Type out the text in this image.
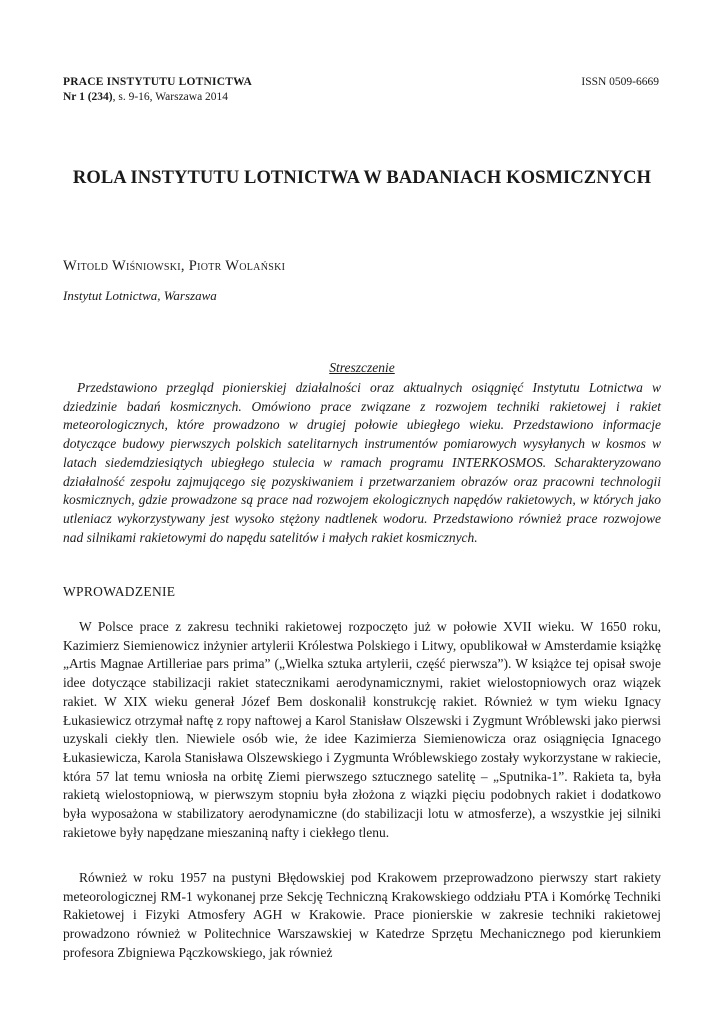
PRACE INSTYTUTU LOTNICTWA
Nr 1 (234), s. 9-16, Warszawa 2014
ISSN 0509-6669
ROLA INSTYTUTU LOTNICTWA W BADANIACH KOSMICZNYCH
Witold Wiśniowski, Piotr Wolański
Instytut Lotnictwa, Warszawa
Streszczenie

Przedstawiono przegląd pionierskiej działalności oraz aktualnych osiągnięć Instytutu Lotnictwa w dziedzinie badań kosmicznych. Omówiono prace związane z rozwojem techniki rakietowej i rakiet meteorologicznych, które prowadzono w drugiej połowie ubiegłego wieku. Przedstawiono informacje dotyczące budowy pierwszych polskich satelitarnych instrumentów pomiarowych wysyłanych w kosmos w latach siedemdziesiątych ubiegłego stulecia w ramach programu INTERKOSMOS. Scharakteryzowano działalność zespołu zajmującego się pozyskiwaniem i przetwarzaniem obrazów oraz pracowni technologii kosmicznych, gdzie prowadzone są prace nad rozwojem ekologicznych napędów rakietowych, w których jako utleniacz wykorzystywany jest wysoko stężony nadtlenek wodoru. Przedstawiono również prace rozwojowe nad silnikami rakietowymi do napędu satelitów i małych rakiet kosmicznych.

WPROWADZENIE

W Polsce prace z zakresu techniki rakietowej rozpoczęto już w połowie XVII wieku. W 1650 roku, Kazimierz Siemienowicz inżynier artylerii Królestwa Polskiego i Litwy, opublikował w Amsterdamie książkę „Artis Magnae Artilleriae pars prima” („Wielka sztuka artylerii, część pierwsza”). W książce tej opisał swoje idee dotyczące stabilizacji rakiet statecznikami aerodynamicznymi, rakiet wielostopniowych oraz wiązek rakiet. W XIX wieku generał Józef Bem doskonalił konstrukcję rakiet. Również w tym wieku Ignacy Łukasiewicz otrzymał naftę z ropy naftowej a Karol Stanisław Olszewski i Zygmunt Wróblewski jako pierwsi uzyskali ciekły tlen. Niewiele osób wie, że idee Kazimierza Siemienowicza oraz osiągnięcia Ignacego Łukasiewicza, Karola Stanisława Olszewskiego i Zygmunta Wróblewskiego zostały wykorzystane w rakiecie, która 57 lat temu wniosła na orbitę Ziemi pierwszego sztucznego satelitę – „Sputnika-1”. Rakieta ta, była rakietą wielostopniową, w pierwszym stopniu była złożona z wiązki pięciu podobnych rakiet i dodatkowo była wyposażona w stabilizatory aerodynamiczne (do stabilizacji lotu w atmosferze), a wszystkie jej silniki rakietowe były napędzane mieszaniną nafty i ciekłego tlenu.

Również w roku 1957 na pustyni Błędowskiej pod Krakowem przeprowadzono pierwszy start rakiety meteorologicznej RM-1 wykonanej prze Sekcję Techniczną Krakowskiego oddziału PTA i Komórkę Techniki Rakietowej i Fizyki Atmosfery AGH w Krakowie. Prace pionierskie w zakresie techniki rakietowej prowadzono również w Politechnice Warszawskiej w Katedrze Sprzętu Mechanicznego pod kierunkiem profesora Zbigniewa Pączkowskiego, jak również
